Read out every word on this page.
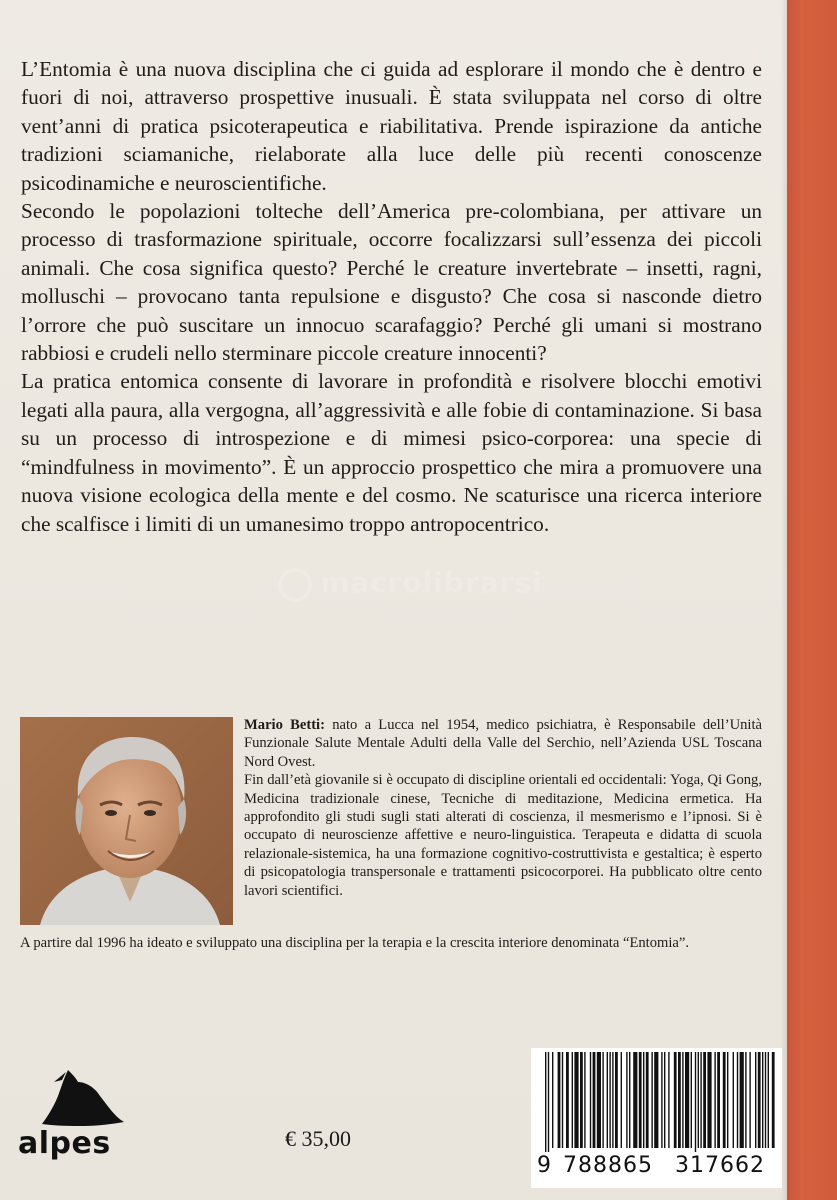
L’Entomia è una nuova disciplina che ci guida ad esplorare il mondo che è dentro e fuori di noi, attraverso prospettive inusuali. È stata sviluppata nel corso di oltre vent’anni di pratica psicoterapeutica e riabilitativa. Prende ispirazione da antiche tradizioni sciamaniche, rielaborate alla luce delle più recenti conoscenze psicodinamiche e neuroscientifiche.

Secondo le popolazioni tolteche dell’America pre-colombiana, per attivare un processo di trasformazione spirituale, occorre focalizzarsi sull’essenza dei piccoli animali. Che cosa significa questo? Perché le creature invertebrate – insetti, ragni, molluschi – provocano tanta repulsione e disgusto? Che cosa si nasconde dietro l’orrore che può suscitare un innocuo scarafaggio? Perché gli umani si mostrano rabbiosi e crudeli nello sterminare piccole creature innocenti?

La pratica entomica consente di lavorare in profondità e risolvere blocchi emotivi legati alla paura, alla vergogna, all’aggressività e alle fobie di contaminazione. Si basa su un processo di introspezione e di mimesi psico-corporea: una specie di “mindfulness in movimento”. È un approccio prospettico che mira a promuovere una nuova visione ecologica della mente e del cosmo. Ne scaturisce una ricerca interiore che scalfisce i limiti di un umanesimo troppo antropocentrico.

macrolibrarsi

Mario Betti: nato a Lucca nel 1954, medico psichiatra, è Responsabile dell’Unità Funzionale Salute Mentale Adulti della Valle del Serchio, nell’Azienda USL Toscana Nord Ovest.

Fin dall’età giovanile si è occupato di discipline orientali ed occidentali: Yoga, Qi Gong, Medicina tradizionale cinese, Tecniche di meditazione, Medicina ermetica. Ha approfondito gli studi sugli stati alterati di coscienza, il mesmerismo e l’ipnosi. Si è occupato di neuroscienze affettive e neuro-linguistica. Terapeuta e didatta di scuola relazionale-sistemica, ha una formazione cognitivo-costruttivista e gestaltica; è esperto di psicopatologia transpersonale e trattamenti psicocorporei. Ha pubblicato oltre cento lavori scientifici.

A partire dal 1996 ha ideato e sviluppato una disciplina per la terapia e la crescita interiore denominata “Entomia”.

alpes	€ 35,00
9 788865 317662
